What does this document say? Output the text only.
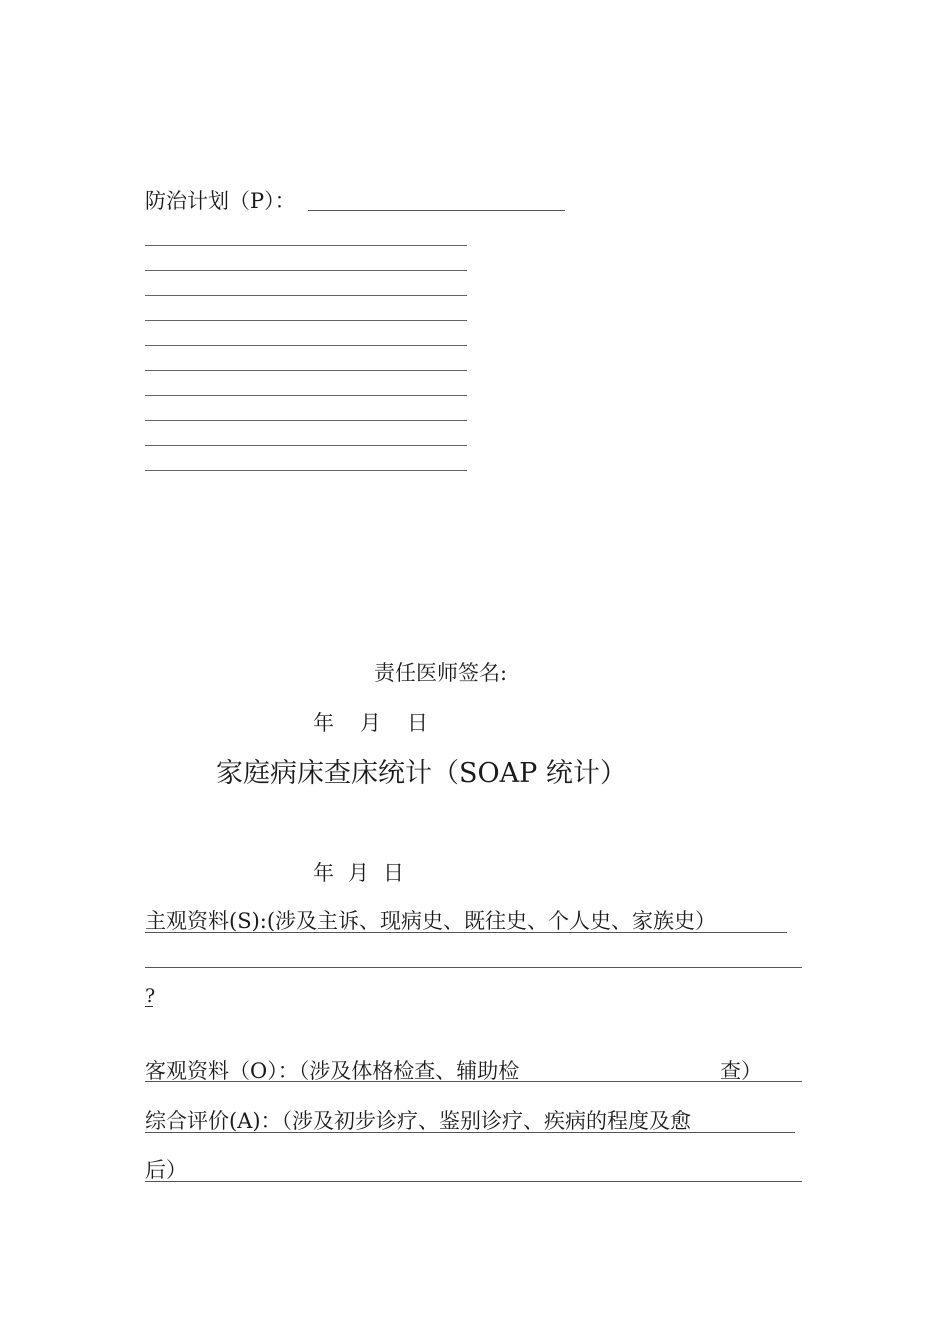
防治计划（P）：
责任医师签名:
年 月 日
家庭病床查床统计（SOAP 统计）
年 月 日
主观资料(S):(涉及主诉、现病史、既往史、个人史、家族史）
?
客观资料（O）：（涉及体格检查、辅助检	查）
综合评价(A)：（涉及初步诊疗、鉴别诊疗、疾病的程度及愈
后）
